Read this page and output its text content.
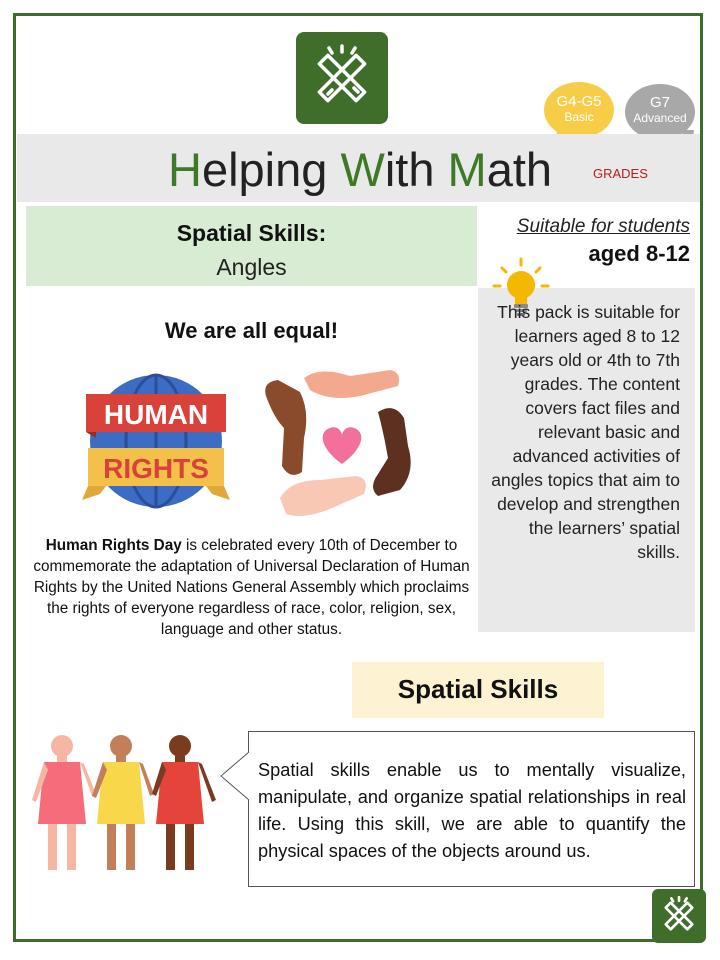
G4-G5
Basic
G7
Advanced
Helping With Math	GRADES
Spatial Skills:
Angles
Suitable for students
aged 8-12
This pack is suitable for learners aged 8 to 12 years old or 4th to 7th grades. The content covers fact files and relevant basic and advanced activities of angles topics that aim to develop and strengthen the learners’ spatial skills.
We are all equal!
HUMAN
RIGHTS
Human Rights Day is celebrated every 10th of December to commemorate the adaptation of Universal Declaration of Human Rights by the United Nations General Assembly which proclaims the rights of everyone regardless of race, color, religion, sex, language and other status.
Spatial Skills
Spatial skills enable us to mentally visualize, manipulate, and organize spatial relationships in real life. Using this skill, we are able to quantify the physical spaces of the objects around us.
